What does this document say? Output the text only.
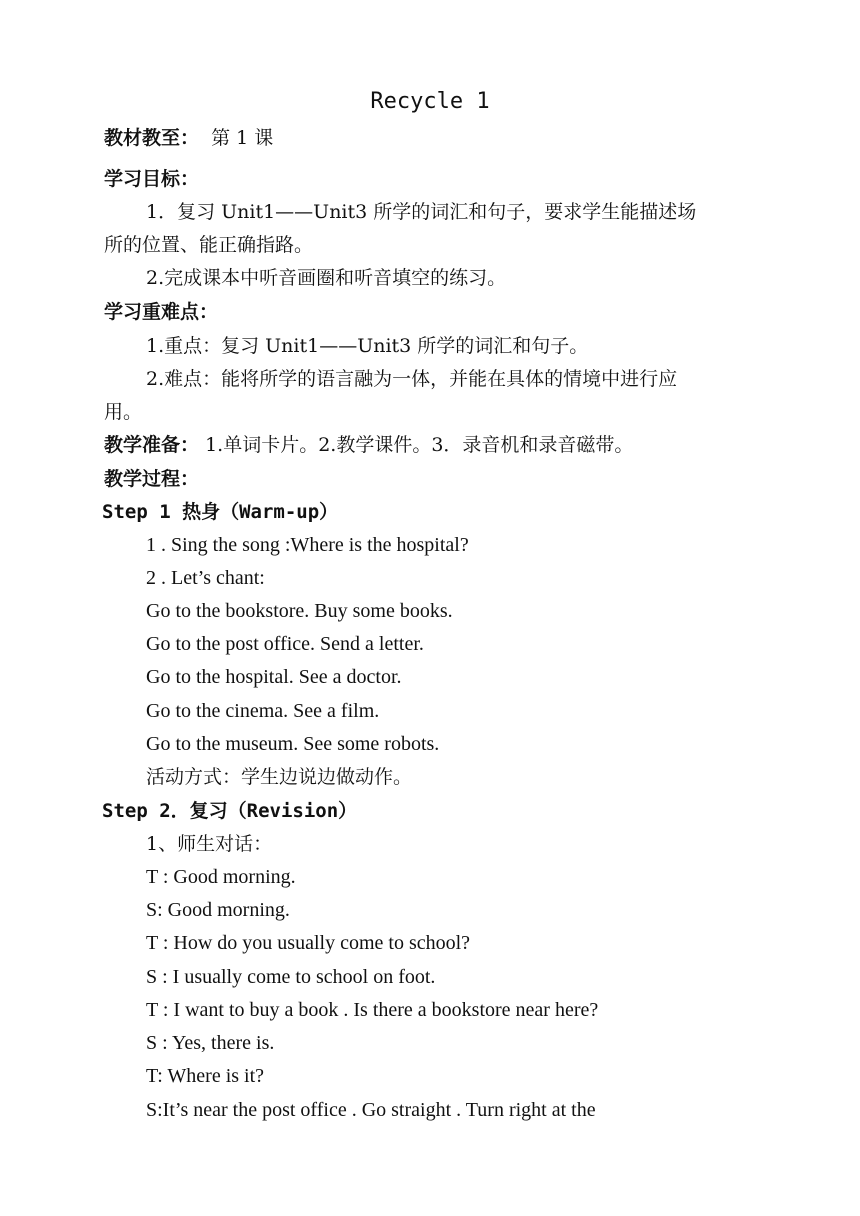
Recycle 1
教材教至： 第 1 课
学习目标：
1．复习 Unit1——Unit3 所学的词汇和句子，要求学生能描述场
所的位置、能正确指路。
2.完成课本中听音画圈和听音填空的练习。
学习重难点：
1.重点：复习 Unit1——Unit3 所学的词汇和句子。
2.难点：能将所学的语言融为一体，并能在具体的情境中进行应
用。
教学准备： 1.单词卡片。2.教学课件。3．录音机和录音磁带。
教学过程：
Step 1 热身（Warm-up）
1 . Sing the song :Where is the hospital?
2 . Let’s chant:
Go to the bookstore. Buy some books.
Go to the post office. Send a letter.
Go to the hospital. See a doctor.
Go to the cinema. See a film.
Go to the museum. See some robots.
活动方式：学生边说边做动作。
Step 2．复习（Revision）
1、师生对话：
T : Good morning.
S: Good morning.
T : How do you usually come to school?
S : I usually come to school on foot.
T : I want to buy a book . Is there a bookstore near here?
S : Yes, there is.
T: Where is it?
S:It’s near the post office . Go straight . Turn right at the
